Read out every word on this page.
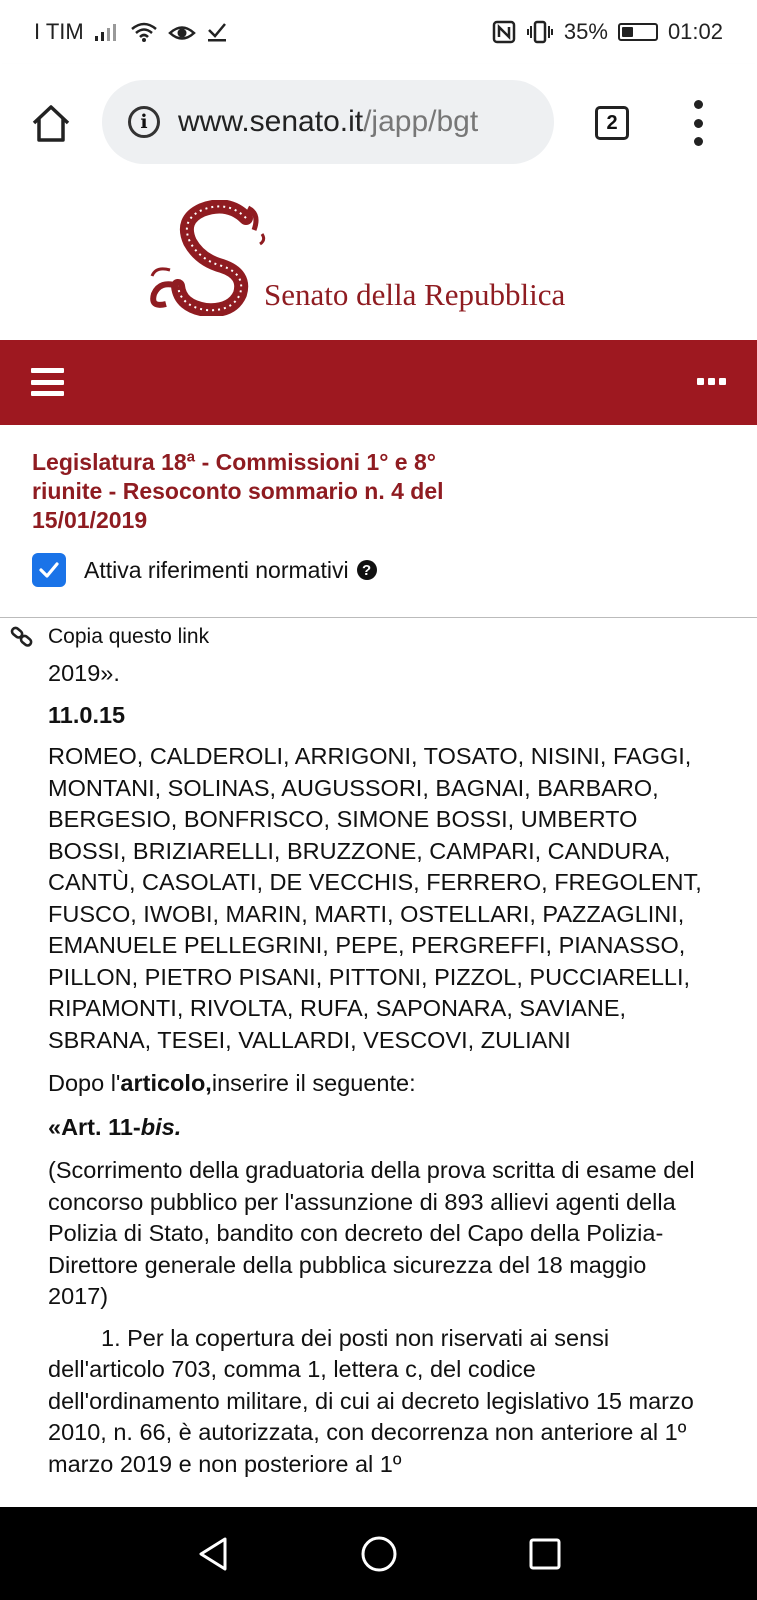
I TIM	35%	01:02
i	www.senato.it /japp/bgt	2
Senato della Repubblica
Legislatura 18ª - Commissioni 1° e 8° riunite - Resoconto sommario n. 4 del 15/01/2019
Attiva riferimenti normativi ?
Copia questo link

2019».

11.0.15

ROMEO, CALDEROLI, ARRIGONI, TOSATO, NISINI, FAGGI, MONTANI, SOLINAS, AUGUSSORI, BAGNAI, BARBARO, BERGESIO, BONFRISCO, SIMONE BOSSI, UMBERTO BOSSI, BRIZIARELLI, BRUZZONE, CAMPARI, CANDURA, CANTÙ, CASOLATI, DE VECCHIS, FERRERO, FREGOLENT, FUSCO, IWOBI, MARIN, MARTI, OSTELLARI, PAZZAGLINI, EMANUELE PELLEGRINI, PEPE, PERGREFFI, PIANASSO, PILLON, PIETRO PISANI, PITTONI, PIZZOL, PUCCIARELLI, RIPAMONTI, RIVOLTA, RUFA, SAPONARA, SAVIANE, SBRANA, TESEI, VALLARDI, VESCOVI, ZULIANI

Dopo l'articolo,inserire il seguente:

«Art. 11-bis.

(Scorrimento della graduatoria della prova scritta di esame del concorso pubblico per l'assunzione di 893 allievi agenti della Polizia di Stato, bandito con decreto del Capo della Polizia-Direttore generale della pubblica sicurezza del 18 maggio 2017)

1. Per la copertura dei posti non riservati ai sensi dell'articolo 703, comma 1, lettera c, del codice dell'ordinamento militare, di cui ai decreto legislativo 15 marzo 2010, n. 66, è autorizzata, con decorrenza non anteriore al 1º marzo 2019 e non posteriore al 1º
